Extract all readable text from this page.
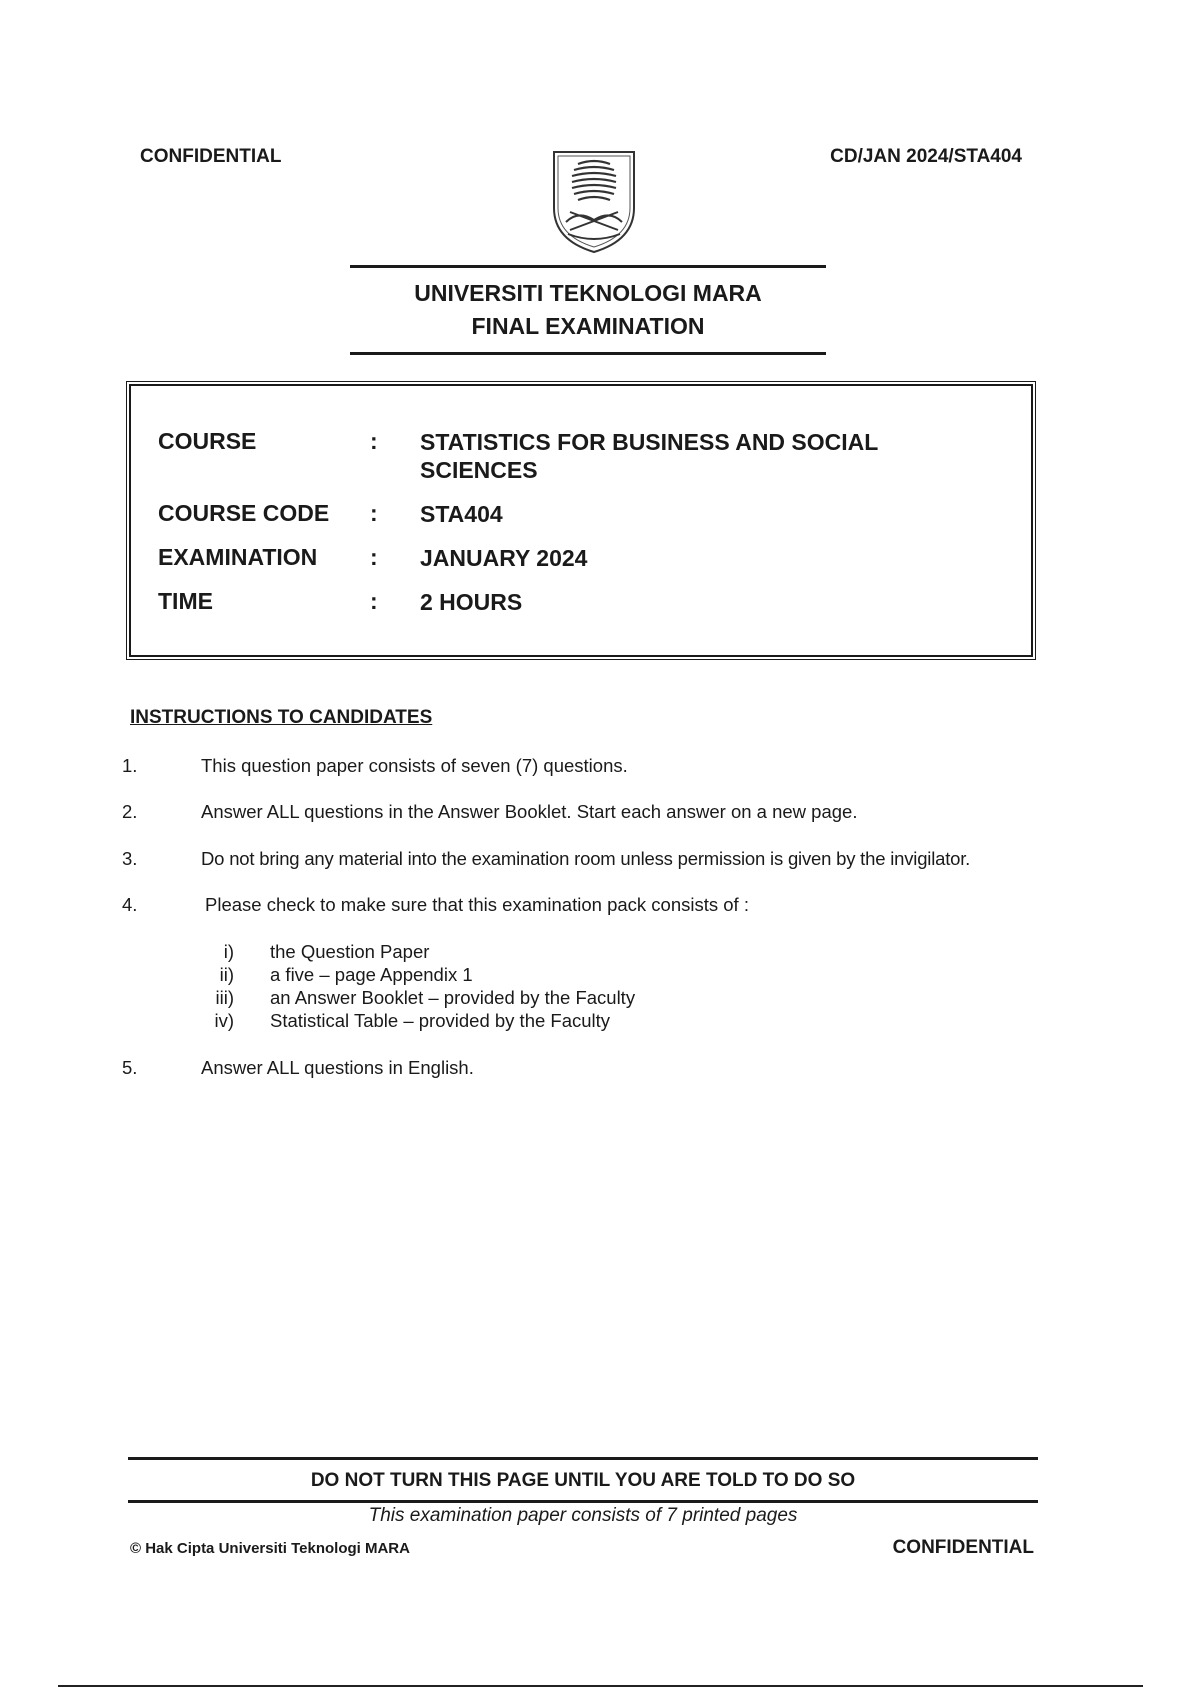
CONFIDENTIAL	CD/JAN 2024/STA404
UNIVERSITI TEKNOLOGI MARA
FINAL EXAMINATION
COURSE	: STATISTICS FOR BUSINESS AND SOCIAL SCIENCES
COURSE CODE : STA404
EXAMINATION : JANUARY 2024
TIME	: 2 HOURS
INSTRUCTIONS TO CANDIDATES
1.	This question paper consists of seven (7) questions.
2.	Answer ALL questions in the Answer Booklet. Start each answer on a new page.
3.	Do not bring any material into the examination room unless permission is given by the invigilator.
4.	Please check to make sure that this examination pack consists of :
i) the Question Paper
ii) a five – page Appendix 1
iii) an Answer Booklet – provided by the Faculty
iv) Statistical Table – provided by the Faculty
5.	Answer ALL questions in English.
DO NOT TURN THIS PAGE UNTIL YOU ARE TOLD TO DO SO
This examination paper consists of 7 printed pages
© Hak Cipta Universiti Teknologi MARA	CONFIDENTIAL
